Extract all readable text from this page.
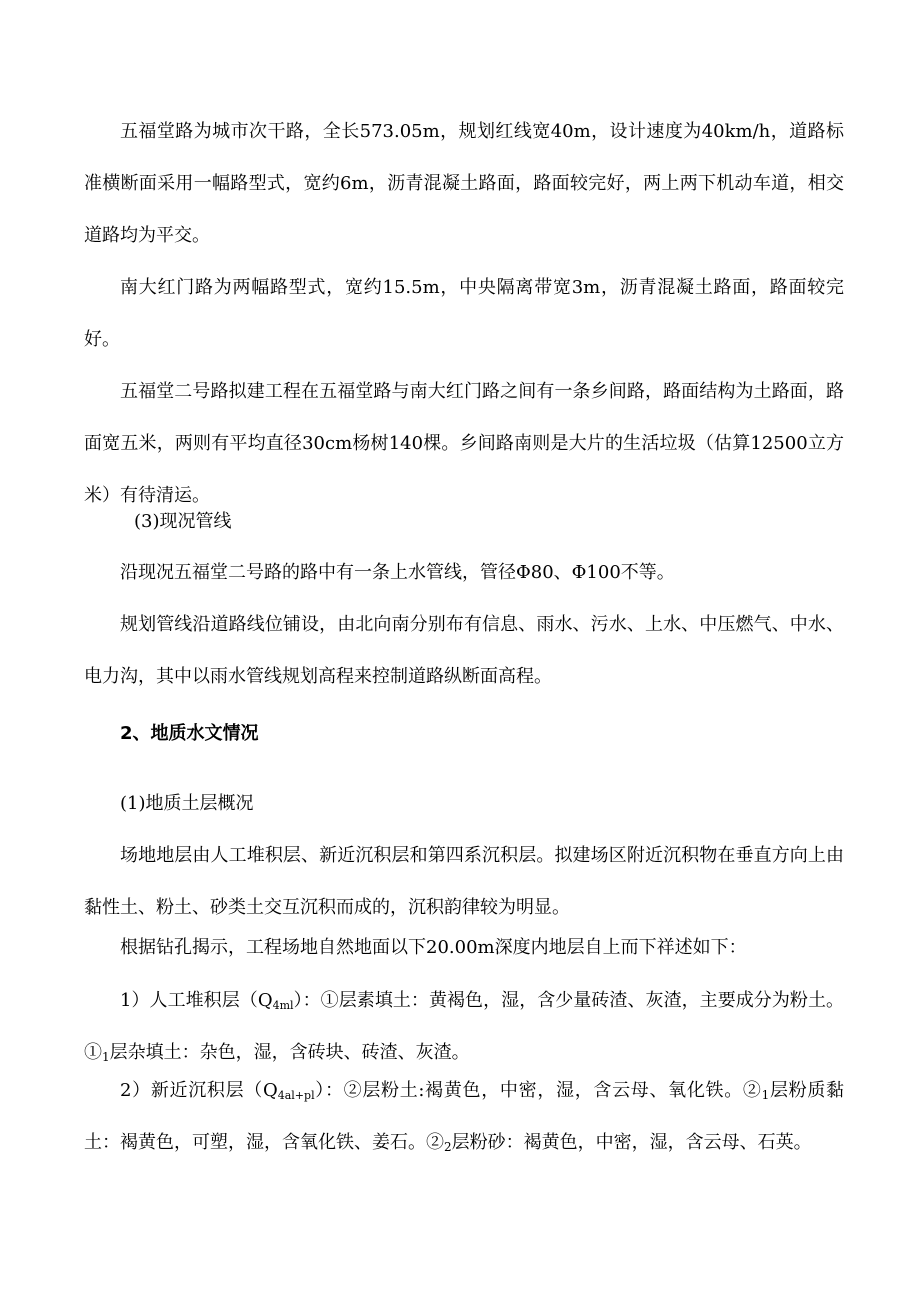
五福堂路为城市次干路，全长573.05m，规划红线宽40m，设计速度为40km/h，道路标准横断面采用一幅路型式，宽约6m，沥青混凝土路面，路面较完好，两上两下机动车道，相交道路均为平交。
南大红门路为两幅路型式，宽约15.5m，中央隔离带宽3m，沥青混凝土路面，路面较完好。
五福堂二号路拟建工程在五福堂路与南大红门路之间有一条乡间路，路面结构为土路面，路面宽五米，两则有平均直径30cm杨树140棵。乡间路南则是大片的生活垃圾（估算12500立方米）有待清运。
(3)现况管线
沿现况五福堂二号路的路中有一条上水管线，管径Φ80、Φ100不等。
规划管线沿道路线位铺设，由北向南分别布有信息、雨水、污水、上水、中压燃气、中水、电力沟，其中以雨水管线规划高程来控制道路纵断面高程。
2、地质水文情况
(1)地质土层概况
场地地层由人工堆积层、新近沉积层和第四系沉积层。拟建场区附近沉积物在垂直方向上由黏性土、粉土、砂类土交互沉积而成的，沉积韵律较为明显。
根据钻孔揭示，工程场地自然地面以下20.00m深度内地层自上而下祥述如下：
1）人工堆积层（Q4ml）：①层素填土：黄褐色，湿，含少量砖渣、灰渣，主要成分为粉土。$①_1$层杂填土：杂色，湿，含砖块、砖渣、灰渣。
2）新近沉积层（Q4al+pl）：②层粉土:褐黄色，中密，湿，含云母、氧化铁。$②_1$层粉质黏土：褐黄色，可塑，湿，含氧化铁、姜石。$②_2$层粉砂：褐黄色，中密，湿，含云母、石英。
